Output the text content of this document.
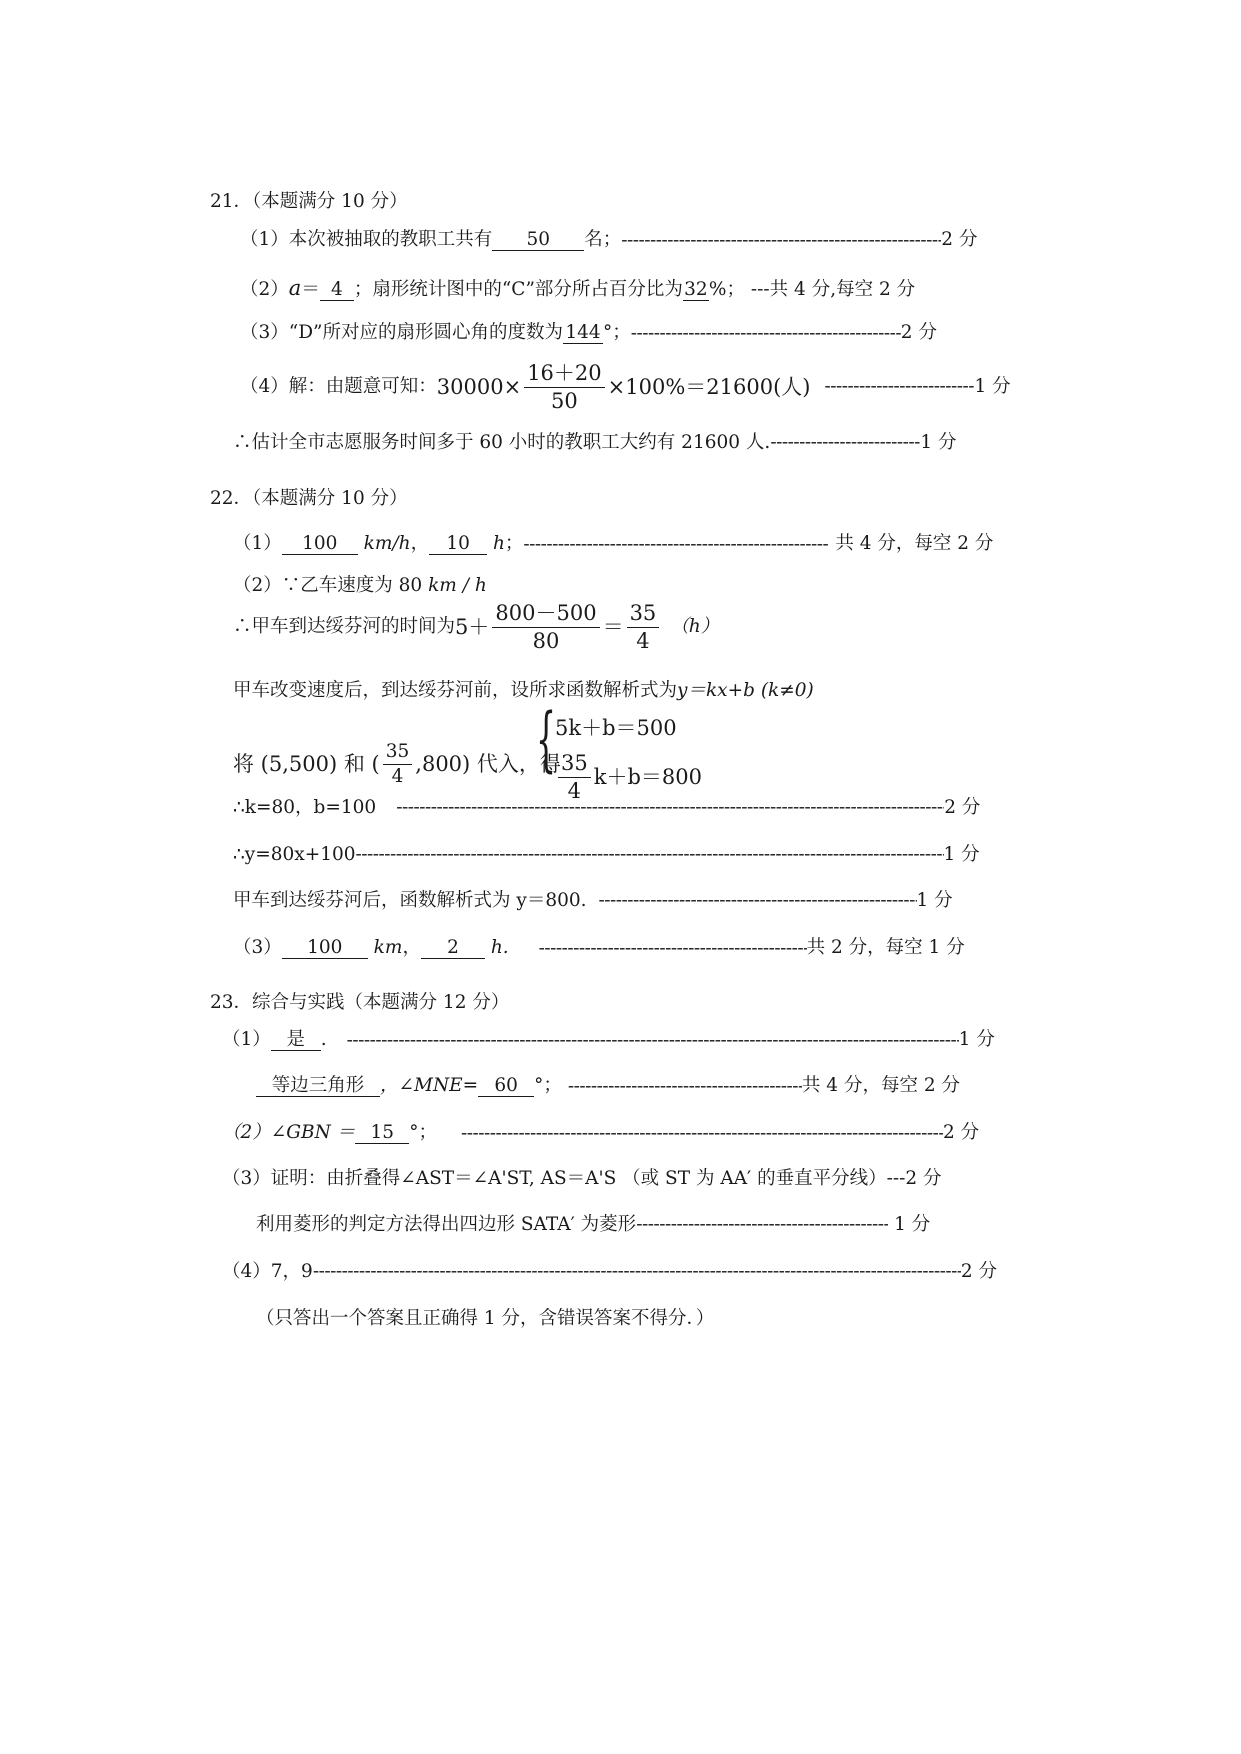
21．（本题满分 10 分）
（1）本次被抽取的教职工共有 50 名； -----	2 分
（2）a＝ 4 ；扇形统计图中的“C”部分所占百分比为32%； ---共 4 分,每空 2 分
（3）“D”所对应的扇形圆心角的度数为 144 °； -----	2 分
（4）解：由题意可知： $30000\times \frac{16+20}{50} \times 100\%=21600$(人) -----	1 分
∴估计全市志愿服务时间多于 60 小时的教职工大约有 21600 人. -----	1 分
22．（本题满分 10 分）
（1） 100 km/h， 10 h； -----	共 4 分，每空 2 分
（2）∵乙车速度为 80 km / h
∴甲车到达绥芬河的时间为 $5+ \frac{800-500}{80} = \frac{35}{4} (h)$
甲车改变速度后，到达绥芬河前，设所求函数解析式为y＝kx+b (k≠0)
将 (5,500) 和 ( $\frac{35}{4} ,800$) 代入，得
{
5k＋b＝500
$\frac{35}{4} k+b=800$
∴k=80，b=100 -----	2 分
∴y=80x+100 -----	1 分
甲车到达绥芬河后，函数解析式为 y＝800. -----	1 分
（3） 100 km， 2 h. -----	共 2 分，每空 1 分
23．综合与实践（本题满分 12 分）
（1） 是 . -----	1 分
等边三角形 ，∠MNE= 60 °； -----	共 4 分，每空 2 分
（2）∠GBN ＝ 15 °； -----	2 分
（3）证明：由折叠得∠AST＝∠A'ST, AS＝A'S （或 ST 为 AA′ 的垂直平分线）---2 分
利用菱形的判定方法得出四边形 SATA′ 为菱形 -----	1 分
（4）7，9 -----	2 分
（只答出一个答案且正确得 1 分，含错误答案不得分．）
